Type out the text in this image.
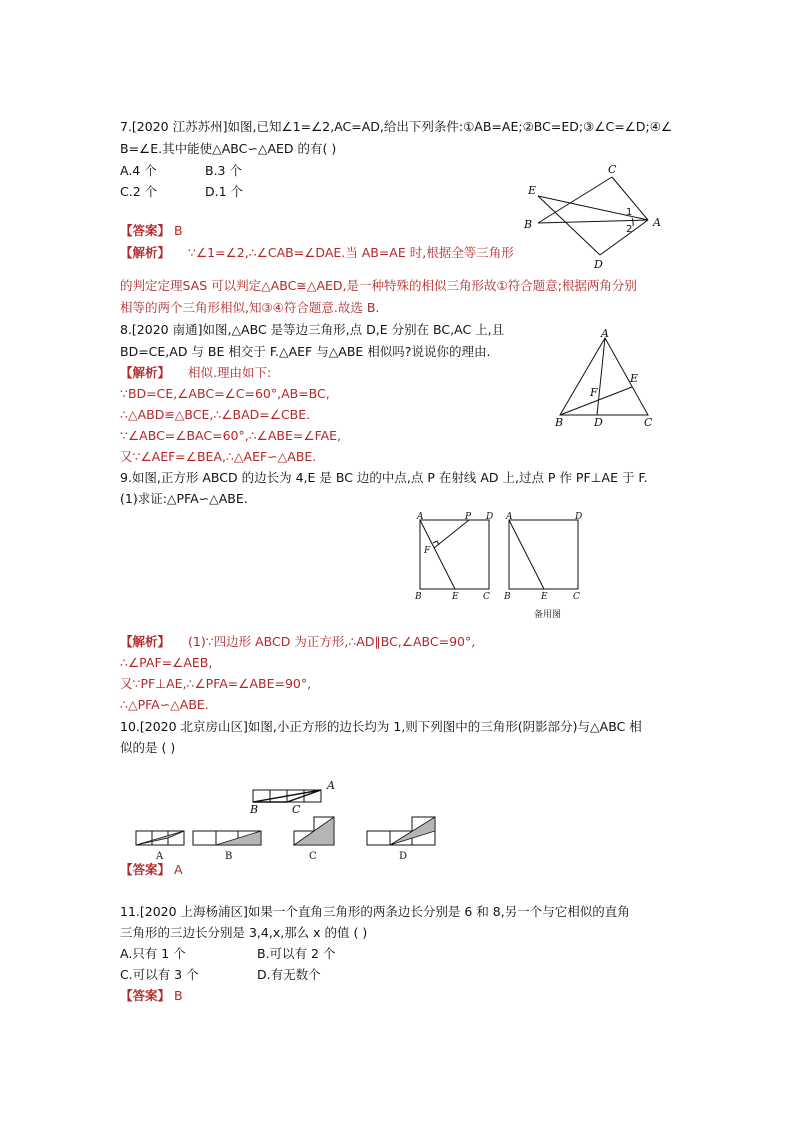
7.[2020 江苏苏州]如图,已知∠1=∠2,AC=AD,给出下列条件:①AB=AE;②BC=ED;③∠C=∠D;④∠
B=∠E.其中能使△ABC∽△AED 的有( )
A.4 个	B.3 个
C.2 个	D.1 个
【答案】 B
【解析】 ∵∠1=∠2,∴∠CAB=∠DAE.当 AB=AE 时,根据全等三角形
的判定定理SAS 可以判定△ABC≅△AED,是一种特殊的相似三角形故①符合题意;根据两角分别
相等的两个三角形相似,知③④符合题意.故选 B.
C
E
B	A
D
1
2
8.[2020 南通]如图,△ABC 是等边三角形,点 D,E 分别在 BC,AC 上,且
BD=CE,AD 与 BE 相交于 F.△AEF 与△ABE 相似吗?说说你的理由.
【解析】 相似.理由如下:
∵BD=CE,∠ABC=∠C=60°,AB=BC,
∴△ABD≌△BCE,∴∠BAD=∠CBE.
∵∠ABC=∠BAC=60°,∴∠ABE=∠FAE,
又∵∠AEF=∠BEA,∴△AEF∽△ABE.
A
E
F
B	D	C
9.如图,正方形 ABCD 的边长为 4,E 是 BC 边的中点,点 P 在射线 AD 上,过点 P 作 PF⊥AE 于 F.
(1)求证:△PFA∽△ABE.
A	P D
F
B	E	C
A	D
B	E	C
备用图
【解析】 (1)∵四边形 ABCD 为正方形,∴AD∥BC,∠ABC=90°,
∴∠PAF=∠AEB,
又∵PF⊥AE,∴∠PFA=∠ABE=90°,
∴△PFA∽△ABE.
10.[2020 北京房山区]如图,小正方形的边长均为 1,则下列图中的三角形(阴影部分)与△ABC 相
似的是 ( )
A
B	C
A	B	C	D
【答案】 A
11.[2020 上海杨浦区]如果一个直角三角形的两条边长分别是 6 和 8,另一个与它相似的直角
三角形的三边长分别是 3,4,x,那么 x 的值 ( )
A.只有 1 个	B.可以有 2 个
C.可以有 3 个	D.有无数个
【答案】 B
